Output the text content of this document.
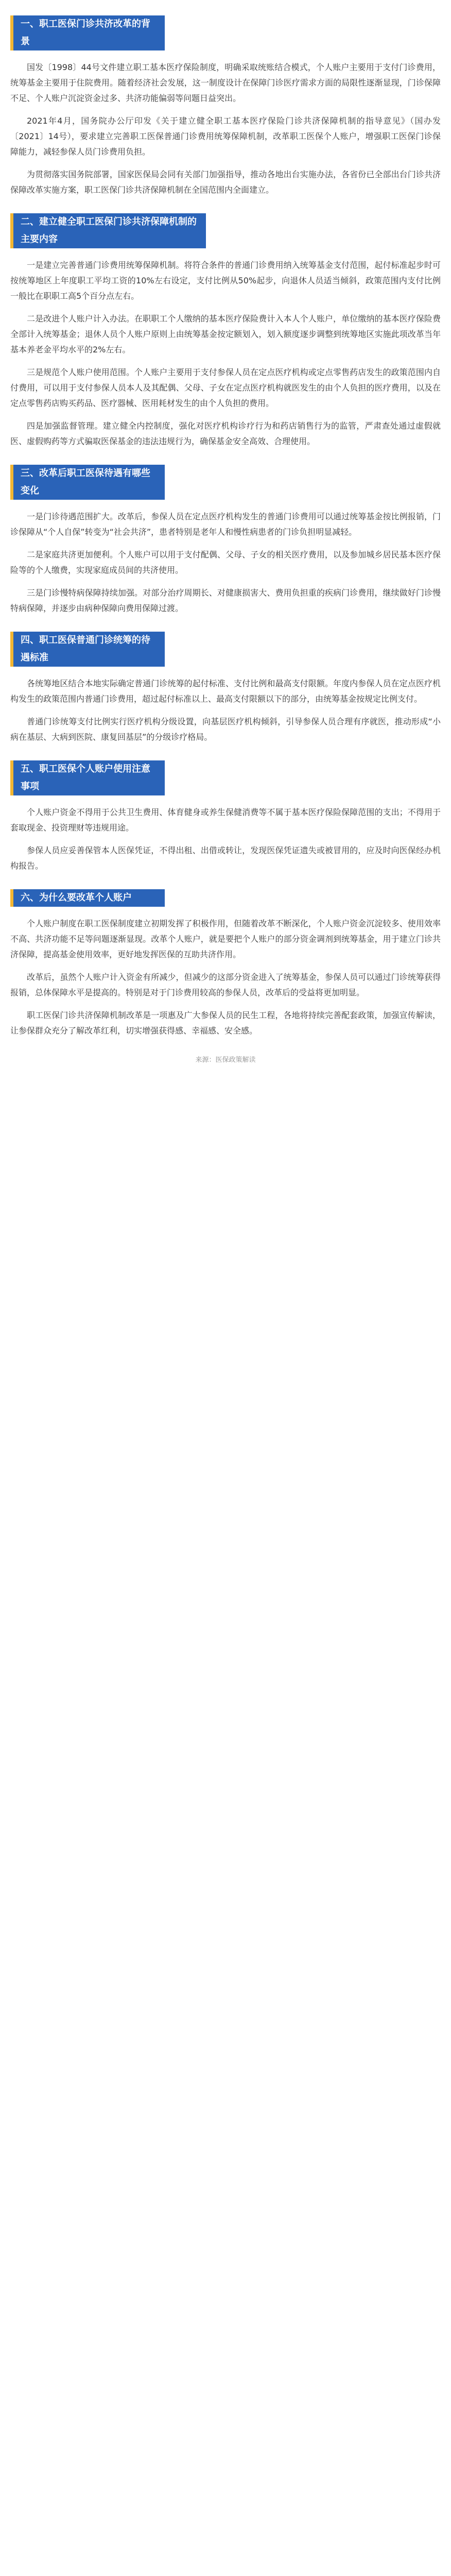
一、职工医保门诊共济改革的背景

国发〔1998〕44号文件建立职工基本医疗保险制度，明确采取统账结合模式，个人账户主要用于支付门诊费用，统筹基金主要用于住院费用。随着经济社会发展，这一制度设计在保障门诊医疗需求方面的局限性逐渐显现，门诊保障不足、个人账户沉淀资金过多、共济功能偏弱等问题日益突出。

2021年4月，国务院办公厅印发《关于建立健全职工基本医疗保险门诊共济保障机制的指导意见》（国办发〔2021〕14号），要求建立完善职工医保普通门诊费用统筹保障机制，改革职工医保个人账户，增强职工医保门诊保障能力，减轻参保人员门诊费用负担。

为贯彻落实国务院部署，国家医保局会同有关部门加强指导，推动各地出台实施办法，各省份已全部出台门诊共济保障改革实施方案，职工医保门诊共济保障机制在全国范围内全面建立。

二、建立健全职工医保门诊共济保障机制的主要内容

一是建立完善普通门诊费用统筹保障机制。将符合条件的普通门诊费用纳入统筹基金支付范围，起付标准起步时可按统筹地区上年度职工平均工资的10%左右设定，支付比例从50%起步，向退休人员适当倾斜，政策范围内支付比例一般比在职职工高5个百分点左右。

二是改进个人账户计入办法。在职职工个人缴纳的基本医疗保险费计入本人个人账户，单位缴纳的基本医疗保险费全部计入统筹基金；退休人员个人账户原则上由统筹基金按定额划入，划入额度逐步调整到统筹地区实施此项改革当年基本养老金平均水平的2%左右。

三是规范个人账户使用范围。个人账户主要用于支付参保人员在定点医疗机构或定点零售药店发生的政策范围内自付费用，可以用于支付参保人员本人及其配偶、父母、子女在定点医疗机构就医发生的由个人负担的医疗费用，以及在定点零售药店购买药品、医疗器械、医用耗材发生的由个人负担的费用。

四是加强监督管理。建立健全内控制度，强化对医疗机构诊疗行为和药店销售行为的监管，严肃查处通过虚假就医、虚假购药等方式骗取医保基金的违法违规行为，确保基金安全高效、合理使用。

三、改革后职工医保待遇有哪些变化

一是门诊待遇范围扩大。改革后，参保人员在定点医疗机构发生的普通门诊费用可以通过统筹基金按比例报销，门诊保障从“个人自保”转变为“社会共济”，患者特别是老年人和慢性病患者的门诊负担明显减轻。

二是家庭共济更加便利。个人账户可以用于支付配偶、父母、子女的相关医疗费用，以及参加城乡居民基本医疗保险等的个人缴费，实现家庭成员间的共济使用。

三是门诊慢特病保障持续加强。对部分治疗周期长、对健康损害大、费用负担重的疾病门诊费用，继续做好门诊慢特病保障，并逐步由病种保障向费用保障过渡。

四、职工医保普通门诊统筹的待遇标准

各统筹地区结合本地实际确定普通门诊统筹的起付标准、支付比例和最高支付限额。年度内参保人员在定点医疗机构发生的政策范围内普通门诊费用，超过起付标准以上、最高支付限额以下的部分，由统筹基金按规定比例支付。

普通门诊统筹支付比例实行医疗机构分级设置，向基层医疗机构倾斜，引导参保人员合理有序就医，推动形成“小病在基层、大病到医院、康复回基层”的分级诊疗格局。

五、职工医保个人账户使用注意事项

个人账户资金不得用于公共卫生费用、体育健身或养生保健消费等不属于基本医疗保险保障范围的支出；不得用于套取现金、投资理财等违规用途。

参保人员应妥善保管本人医保凭证，不得出租、出借或转让，发现医保凭证遗失或被冒用的，应及时向医保经办机构报告。

六、为什么要改革个人账户

个人账户制度在职工医保制度建立初期发挥了积极作用，但随着改革不断深化，个人账户资金沉淀较多、使用效率不高、共济功能不足等问题逐渐显现。改革个人账户，就是要把个人账户的部分资金调剂到统筹基金，用于建立门诊共济保障，提高基金使用效率，更好地发挥医保的互助共济作用。

改革后，虽然个人账户计入资金有所减少，但减少的这部分资金进入了统筹基金，参保人员可以通过门诊统筹获得报销，总体保障水平是提高的。特别是对于门诊费用较高的参保人员，改革后的受益将更加明显。

职工医保门诊共济保障机制改革是一项惠及广大参保人员的民生工程，各地将持续完善配套政策，加强宣传解读，让参保群众充分了解改革红利，切实增强获得感、幸福感、安全感。

来源：医保政策解读
